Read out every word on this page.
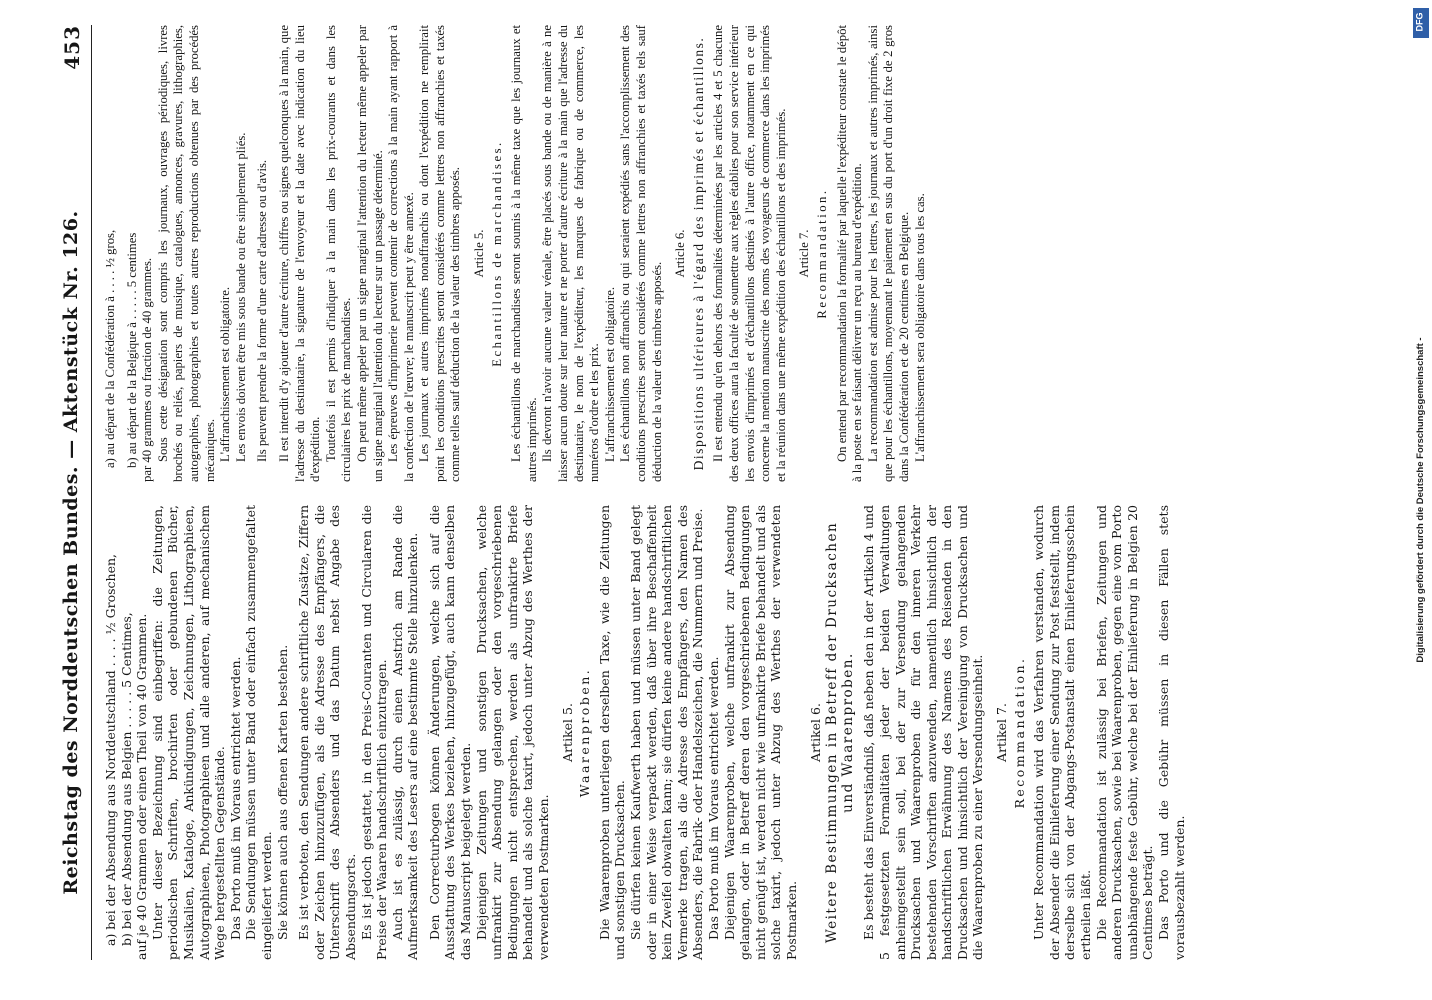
Reichstag des Norddeutschen Bundes. — Aktenstück Nr. 126.
453

a) bei der Absendung aus Norddeutschland . . . . ½ Groschen, b) bei der Absendung aus Belgien . . . . . 5 Centimes, auf je 40 Grammen oder einen Theil von 40 Grammen. Unter dieser Bezeichnung sind einbegriffen: die Zeitungen, periodischen Schriften, brochirten oder gebundenen Bücher, Musikalien, Kataloge, Ankündigungen, Zeichnungen, Lithographieen, Autographieen, Photographieen und alle anderen, auf mechanischem Wege hergestellten Gegenstände. Das Porto muß im Voraus entrichtet werden. Die Sendungen müssen unter Band oder einfach zusammengefaltet eingeliefert werden. Sie können auch aus offenen Karten bestehen. Es ist verboten, den Sendungen andere schriftliche Zusätze, Ziffern oder Zeichen hinzuzufügen, als die Adresse des Empfängers, die Unterschrift des Absenders und das Datum nebst Angabe des Absendungsorts. Es ist jedoch gestattet, in den Preis-Couranten und Circularen die Preise der Waaren handschriftlich einzutragen. Auch ist es zulässig, durch einen Anstrich am Rande die Aufmerksamkeit des Lesers auf eine bestimmte Stelle hinzulenken. Den Correcturbogen können Änderungen, welche sich auf die Ausstattung des Werkes beziehen, hinzugefügt, auch kann denselben das Manuscript beigelegt werden. Diejenigen Zeitungen und sonstigen Drucksachen, welche unfrankirt zur Absendung gelangen oder den vorgeschriebenen Bedingungen nicht entsprechen, werden als unfrankirte Briefe behandelt und als solche taxirt, jedoch unter Abzug des Werthes der verwendeten Postmarken.

Artikel 5. Waarenproben. Die Waarenproben unterliegen derselben Taxe, wie die Zeitungen und sonstigen Drucksachen. Sie dürfen keinen Kaufwerth haben und müssen unter Band gelegt oder in einer Weise verpackt werden, daß über ihre Beschaffenheit kein Zweifel obwalten kann; sie dürfen keine andere handschriftlichen Vermerke tragen, als die Adresse des Empfängers, den Namen des Absenders, die Fabrik- oder Handelszeichen, die Nummern und Preise. Das Porto muß im Voraus entrichtet werden. Diejenigen Waarenproben, welche unfrankirt zur Absendung gelangen, oder in Betreff deren den vorgeschriebenen Bedingungen nicht genügt ist, werden nicht wie unfrankirte Briefe behandelt und als solche taxirt, jedoch unter Abzug des Werthes der verwendeten Postmarken.

Artikel 6. Weitere Bestimmungen in Betreff der Drucksachen und Waarenproben. Es besteht das Einverständniß, daß neben den in der Artikeln 4 und 5 festgesetzten Formalitäten jeder der beiden Verwaltungen anheimgestellt sein soll, bei der zur Versendung gelangenden Drucksachen und Waarenproben die für den inneren Verkehr bestehenden Vorschriften anzuwenden, namentlich hinsichtlich der handschriftlichen Erwähnung des Namens des Reisenden in den Drucksachen und hinsichtlich der Vereinigung von Drucksachen und die Waarenproben zu einer Versendungseinheit. Artikel 7. Recommandation. Unter Recommandation wird das Verfahren verstanden, wodurch der Absender die Einlieferung einer Sendung zur Post feststellt, indem derselbe sich von der Abgangs-Postanstalt einen Einlieferungsschein ertheilen läßt. Die Recommandation ist zulässig bei Briefen, Zeitungen und anderen Drucksachen, sowie bei Waarenproben, gegen eine vom Porto unabhängende feste Gebühr, welche bei der Einlieferung in Belgien 20 Centimes beträgt. Das Porto und die Gebühr müssen in diesen Fällen stets vorausbezahlt werden.

a) au départ de la Confédération à . . . . ½ gros, b) au départ de la Belgique à . . . . . 5 centimes par 40 grammes ou fraction de 40 grammes. Sous cette désignation sont compris les journaux, ouvrages périodiques, livres brochés ou reliés, papiers de musique, catalogues, annonces, gravures, lithographies, autographies, photographies et toutes autres reproductions obtenues par des procédés mécaniques. L'affranchissement est obligatoire. Les envois doivent être mis sous bande ou être simplement pliés. Ils peuvent prendre la forme d'une carte d'adresse ou d'avis. Il est interdit d'y ajouter d'autre écriture, chiffres ou signes quelconques à la main, que l'adresse du destinataire, la signature de l'envoyeur et la date avec indication du lieu d'expédition. Toutefois il est permis d'indiquer à la main dans les prix-courants et dans les circulaires les prix de marchandises. On peut même appeler par un signe marginal l'attention du lecteur même appeler par un signe marginal l'attention du lecteur sur un passage déterminé. Les épreuves d'imprimerie peuvent contenir de corrections à la main ayant rapport à la confection de l'œuvre; le manuscrit peut y être annexé. Les journaux et autres imprimés nonaffranchis ou dont l'expédition ne remplirait point les conditions prescrites seront considérés comme lettres non affranchies et taxés comme telles sauf déduction de la valeur des timbres apposés. Article 5. Echantillons de marchandises. Les échantillons de marchandises seront soumis à la même taxe que les journaux et autres imprimés. Ils devront n'avoir aucune valeur vénale, être placés sous bande ou de manière à ne laisser aucun doute sur leur nature et ne porter d'autre écriture à la main que l'adresse du destinataire, le nom de l'expéditeur, les marques de fabrique ou de commerce, les numéros d'ordre et les prix. L'affranchissement est obligatoire. Les échantillons non affranchis ou qui seraient expédiés sans l'accomplissement des conditions prescrites seront considérés comme lettres non affranchies et taxés tels sauf déduction de la valeur des timbres apposés.

Article 6. Dispositions ultérieures à l'égard des imprimés et échantillons. Il est entendu qu'en dehors des formalités déterminées par les articles 4 et 5 chacune des deux offices aura la faculté de soumettre aux règles établies pour son service intérieur les envois d'imprimés et d'échantillons destinés à l'autre office, notamment en ce qui concerne la mention manuscrite des noms des voyageurs de commerce dans les imprimés et la réunion dans une même expédition des échantillons et des imprimés. Article 7. Recommandation. On entend par recommandation la formalité par laquelle l'expéditeur constate le dépôt à la poste en se faisant délivrer un reçu au bureau d'expédition. La recommandation est admise pour les lettres, les journaux et autres imprimés, ainsi que pour les échantillons, moyennant le paiement en sus du port d'un droit fixe de 2 gros dans la Confédération et de 20 centimes en Belgique. L'affranchissement sera obligatoire dans tous les cas.

Digitalisierung gefördert durch die Deutsche Forschungsgemeinschaft -
DFG
